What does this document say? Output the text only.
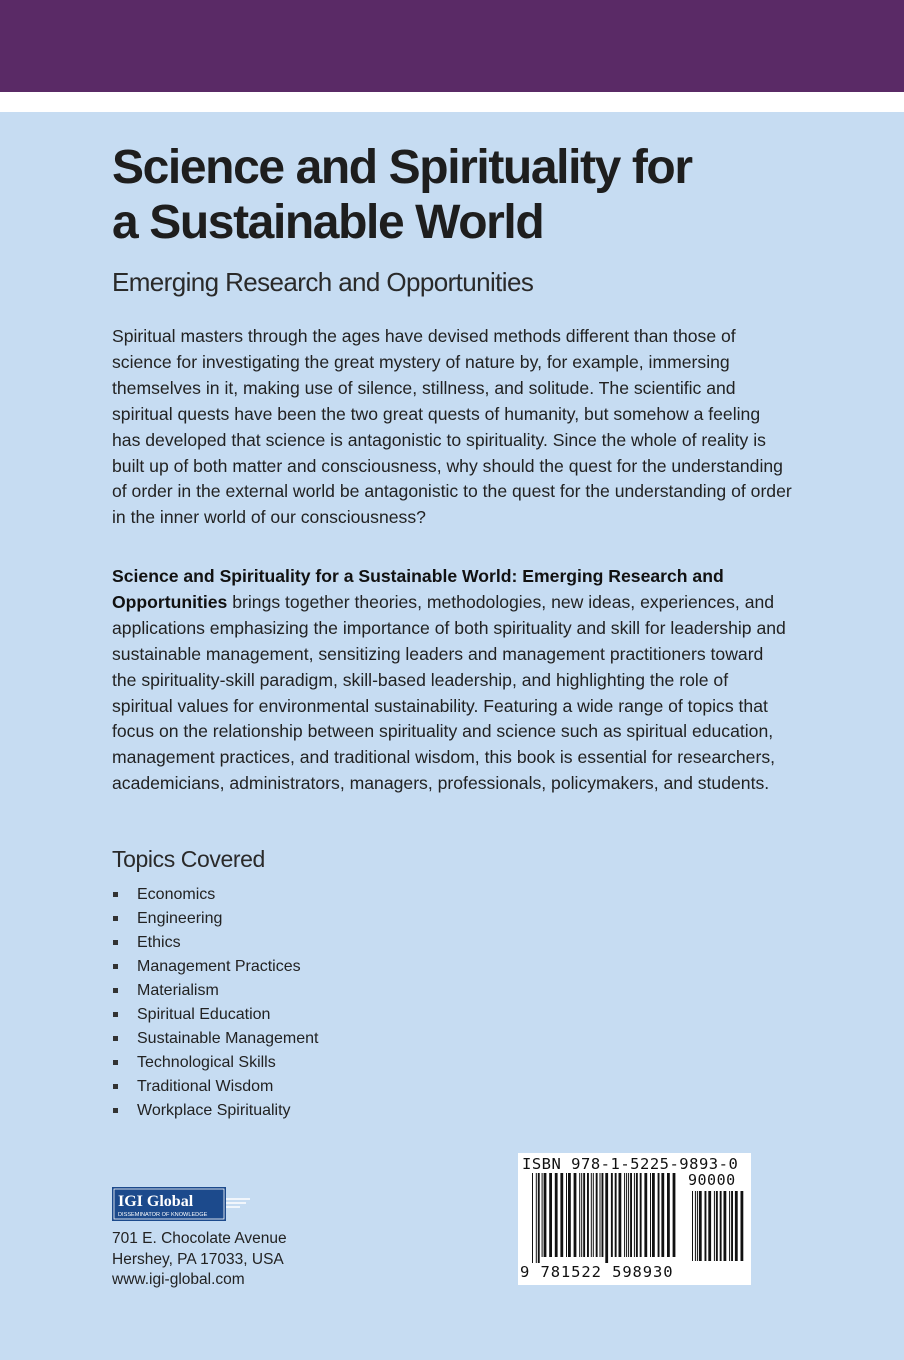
Science and Spirituality for
a Sustainable World
Emerging Research and Opportunities

Spiritual masters through the ages have devised methods different than those of science for investigating the great mystery of nature by, for example, immersing themselves in it, making use of silence, stillness, and solitude. The scientific and spiritual quests have been the two great quests of humanity, but somehow a feeling has developed that science is antagonistic to spirituality. Since the whole of reality is built up of both matter and consciousness, why should the quest for the understanding of order in the external world be antagonistic to the quest for the understanding of order in the inner world of our consciousness?

Science and Spirituality for a Sustainable World: Emerging Research and Opportunities brings together theories, methodologies, new ideas, experiences, and applications emphasizing the importance of both spirituality and skill for leadership and sustainable management, sensitizing leaders and management practitioners toward the spirituality-skill paradigm, skill-based leadership, and highlighting the role of spiritual values for environmental sustainability. Featuring a wide range of topics that focus on the relationship between spirituality and science such as spiritual education, management practices, and traditional wisdom, this book is essential for researchers, academicians, administrators, managers, professionals, policymakers, and students.

Topics Covered
Economics
Engineering
Ethics
Management Practices
Materialism
Spiritual Education
Sustainable Management
Technological Skills
Traditional Wisdom
Workplace Spirituality
IGI Global
DISSEMINATOR OF KNOWLEDGE
701 E. Chocolate Avenue
Hershey, PA 17033, USA
www.igi-global.com

ISBN 978-1-5225-9893-0

90000

9 781522 598930
